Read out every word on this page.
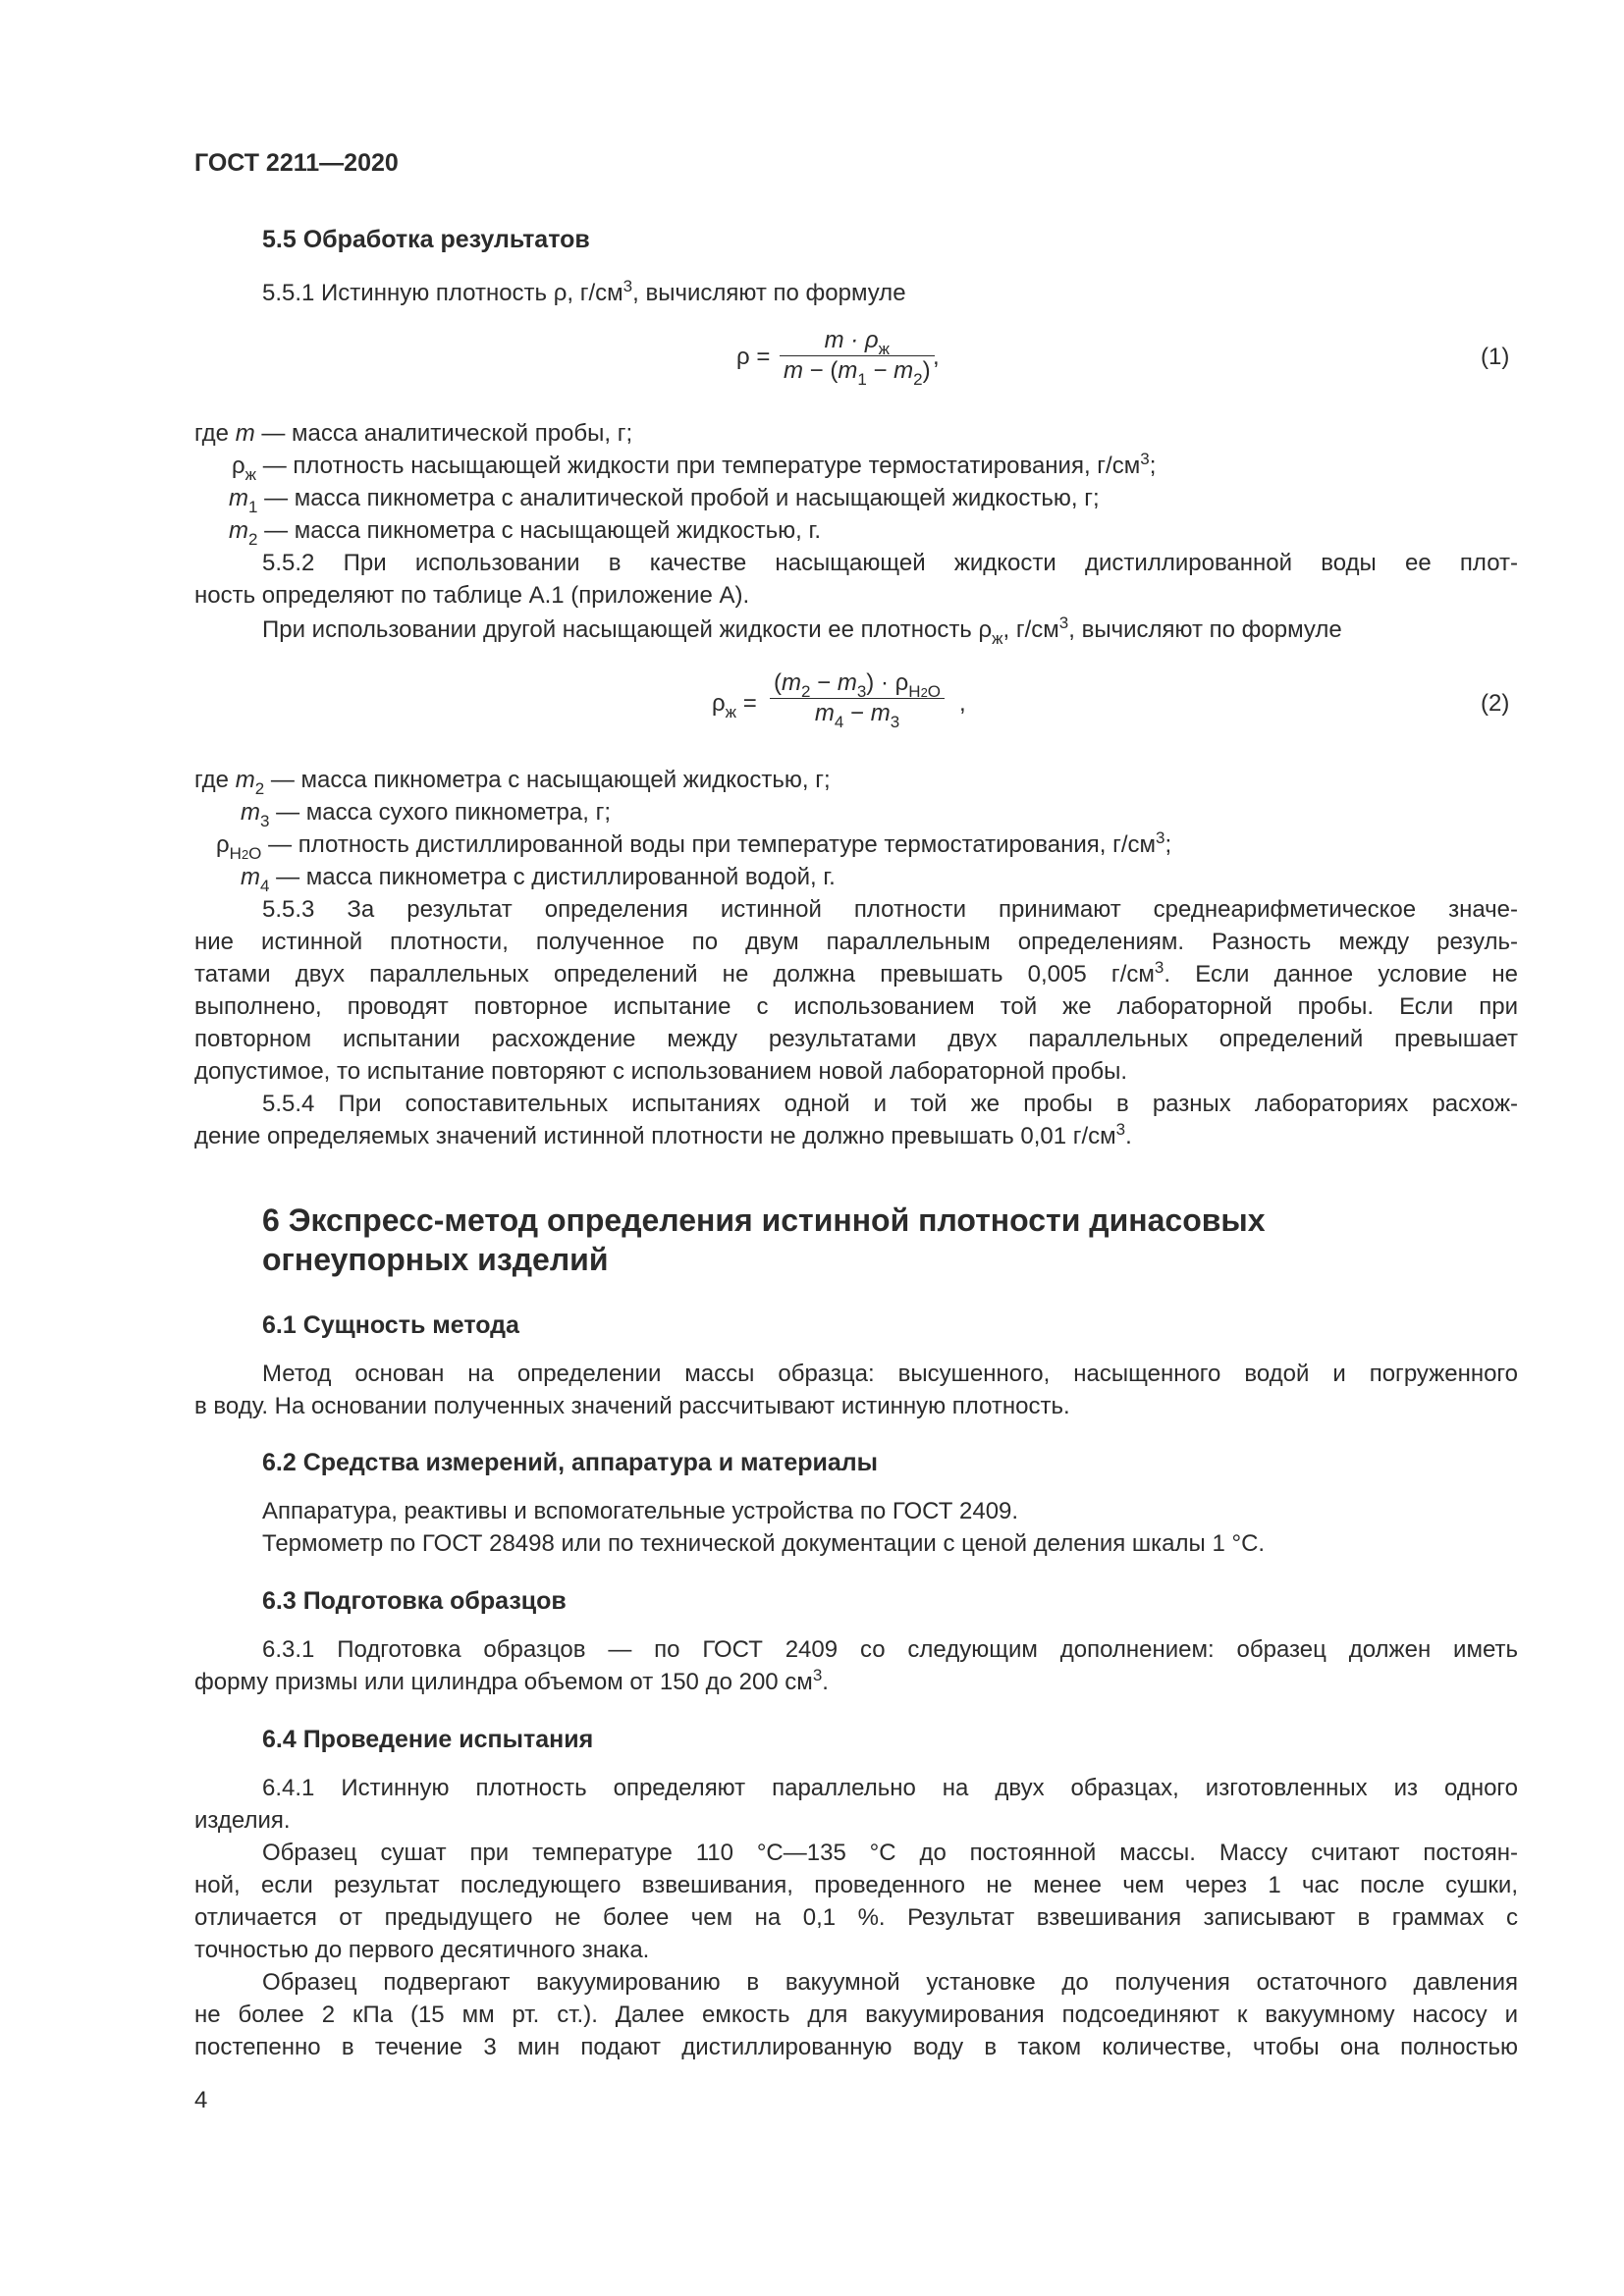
ГОСТ 2211—2020
5.5 Обработка результатов
5.5.1 Истинную плотность ρ, $г/см^3$, вычисляют по формуле
ρ =
$m \cdot \rho_ж$
$m - (m_1 - m_2)$
,	(1)
где m — масса аналитической пробы, г;
$\rho_ж$ — плотность насыщающей жидкости при температуре термостатирования, $г/см^3$;
$m_1$ — масса пикнометра с аналитической пробой и насыщающей жидкостью, г;
$m_2$ — масса пикнометра с насыщающей жидкостью, г.
5.5.2 При использовании в качестве насыщающей жидкости дистиллированной воды ее плот-
ность определяют по таблице А.1 (приложение А).
При использовании другой насыщающей жидкости ее плотность $\rho_ж$, $г/см^3$, вычисляют по формуле
$\rho_ж = \frac{(m_2 - m_3) \cdot \rho_{H2O}}{m_4 - m_3}$ ,	(2)
где $m_2$ — масса пикнометра с насыщающей жидкостью, г;
$m_3$ — масса сухого пикнометра, г;
$\rho_{H2O}$ — плотность дистиллированной воды при температуре термостатирования, $г/см^3$;
$m_4$ — масса пикнометра с дистиллированной водой, г.
5.5.3 За результат определения истинной плотности принимают среднеарифметическое значе-
ние истинной плотности, полученное по двум параллельным определениям. Разность между резуль-
татами двух параллельных определений не должна превышать 0,005 $г/см^3$. Если данное условие не
выполнено, проводят повторное испытание с использованием той же лабораторной пробы. Если при
повторном испытании расхождение между результатами двух параллельных определений превышает
допустимое, то испытание повторяют с использованием новой лабораторной пробы.
5.5.4 При сопоставительных испытаниях одной и той же пробы в разных лабораториях расхож-
дение определяемых значений истинной плотности не должно превышать 0,01 $г/см^3$.
6 Экспресс-метод определения истинной плотности динасовых
огнеупорных изделий
6.1 Сущность метода
Метод основан на определении массы образца: высушенного, насыщенного водой и погруженного
в воду. На основании полученных значений рассчитывают истинную плотность.
6.2 Средства измерений, аппаратура и материалы
Аппаратура, реактивы и вспомогательные устройства по ГОСТ 2409.
Термометр по ГОСТ 28498 или по технической документации с ценой деления шкалы 1 °С.
6.3 Подготовка образцов
6.3.1 Подготовка образцов — по ГОСТ 2409 со следующим дополнением: образец должен иметь
форму призмы или цилиндра объемом от 150 до 200 $см^3$.
6.4 Проведение испытания
6.4.1 Истинную плотность определяют параллельно на двух образцах, изготовленных из одного
изделия.
Образец сушат при температуре 110 °С—135 °С до постоянной массы. Массу считают постоян-
ной, если результат последующего взвешивания, проведенного не менее чем через 1 час после сушки,
отличается от предыдущего не более чем на 0,1 %. Результат взвешивания записывают в граммах с
точностью до первого десятичного знака.
Образец подвергают вакуумированию в вакуумной установке до получения остаточного давления
не более 2 кПа (15 мм рт. ст.). Далее емкость для вакуумирования подсоединяют к вакуумному насосу и
постепенно в течение 3 мин подают дистиллированную воду в таком количестве, чтобы она полностью
4
